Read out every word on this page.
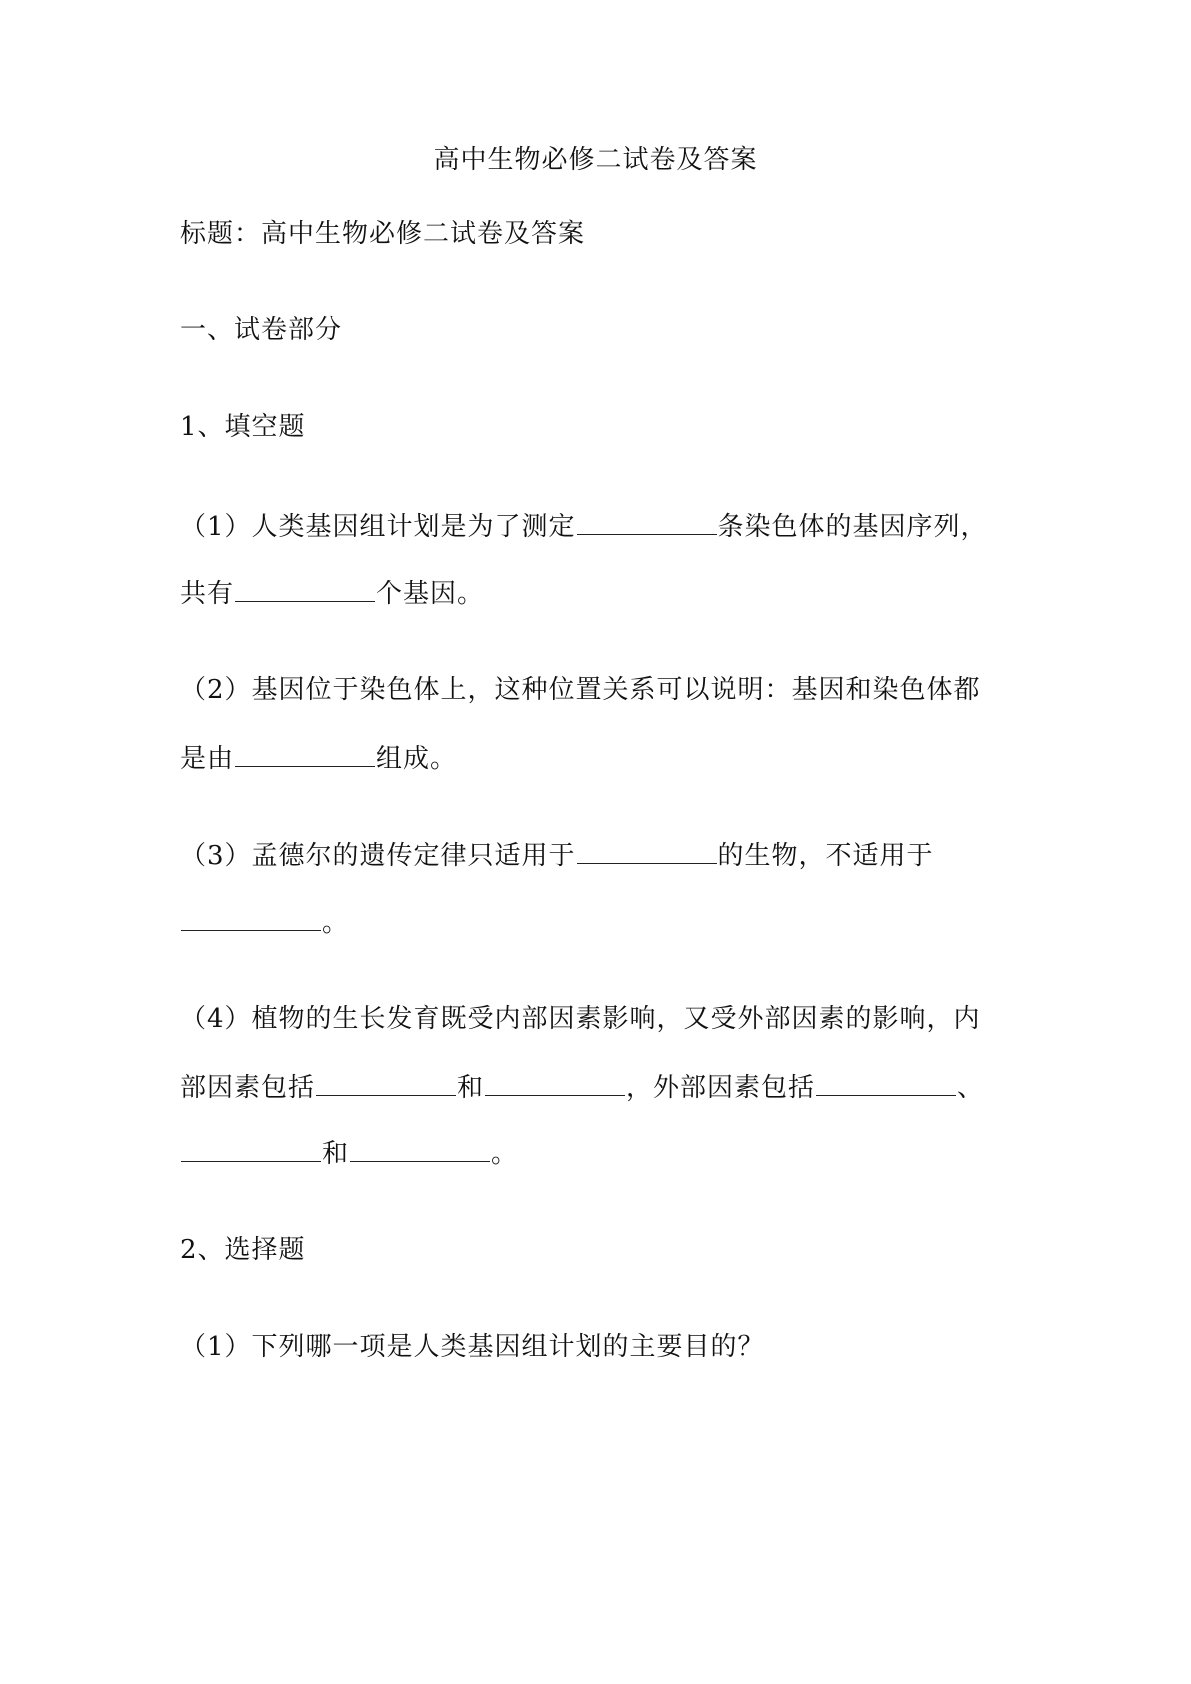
高中生物必修二试卷及答案
标题：高中生物必修二试卷及答案
一、试卷部分
1、填空题
（1）人类基因组计划是为了测定	条染色体的基因序列，
共有	个基因。
（2）基因位于染色体上，这种位置关系可以说明：基因和染色体都
是由	组成。
（3）孟德尔的遗传定律只适用于	的生物，不适用于
。
（4）植物的生长发育既受内部因素影响，又受外部因素的影响，内
部因素包括	和	，外部因素包括	、
和	。
2、选择题
（1）下列哪一项是人类基因组计划的主要目的？
